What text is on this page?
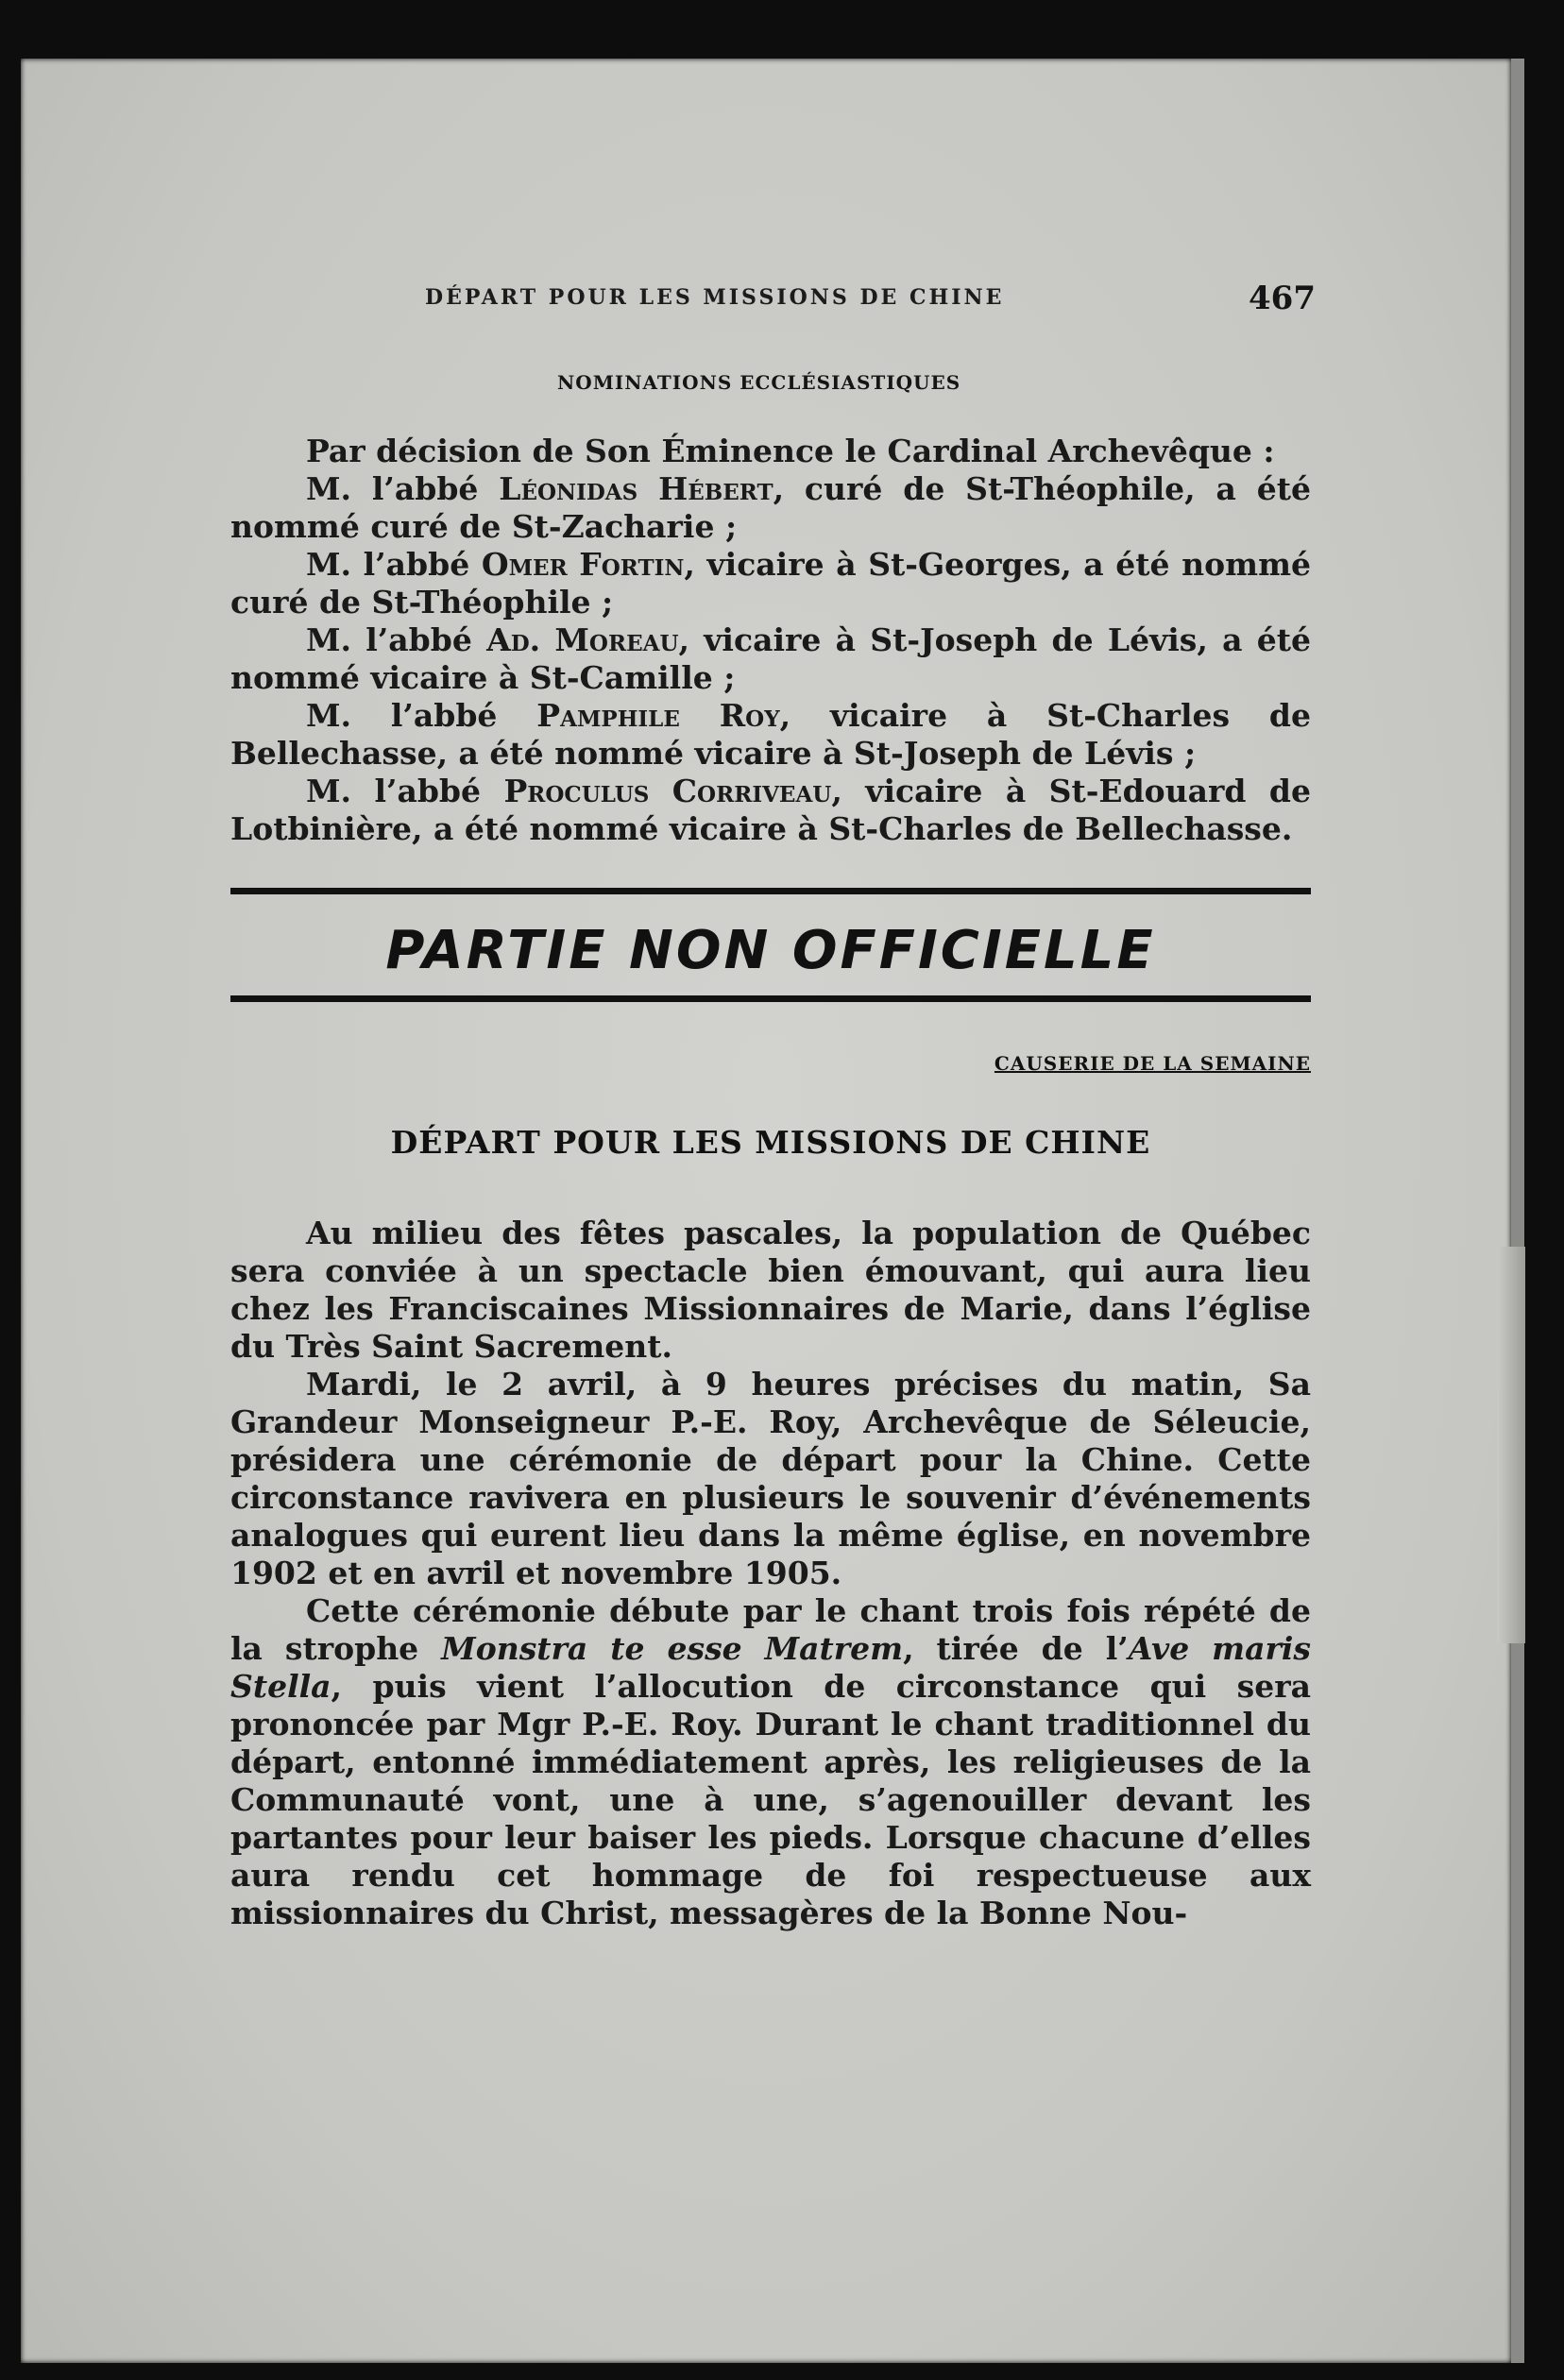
DÉPART POUR LES MISSIONS DE CHINE	467
NOMINATIONS ECCLÉSIASTIQUES

Par décision de Son Éminence le Cardinal Archevêque :

M. l’abbé Léonidas Hébert, curé de St-Théophile, a été nommé curé de St-Zacharie ;

M. l’abbé Omer Fortin, vicaire à St-Georges, a été nommé curé de St-Théophile ;

M. l’abbé Ad. Moreau, vicaire à St-Joseph de Lévis, a été nommé vicaire à St-Camille ;

M. l’abbé Pamphile Roy, vicaire à St-Charles de Bellechasse, a été nommé vicaire à St-Joseph de Lévis ;

M. l’abbé Proculus Corriveau, vicaire à St-Edouard de Lotbinière, a été nommé vicaire à St-Charles de Bellechasse.

PARTIE NON OFFICIELLE
CAUSERIE DE LA SEMAINE
DÉPART POUR LES MISSIONS DE CHINE

Au milieu des fêtes pascales, la population de Québec sera conviée à un spectacle bien émouvant, qui aura lieu chez les Franciscaines Missionnaires de Marie, dans l’église du Très Saint Sacrement.

Mardi, le 2 avril, à 9 heures précises du matin, Sa Grandeur Monseigneur P.-E. Roy, Archevêque de Séleucie, présidera une cérémonie de départ pour la Chine. Cette circonstance ravivera en plusieurs le souvenir d’événements analogues qui eurent lieu dans la même église, en novembre 1902 et en avril et novembre 1905.

Cette cérémonie débute par le chant trois fois répété de la strophe Monstra te esse Matrem, tirée de l’Ave maris Stella, puis vient l’allocution de circonstance qui sera prononcée par Mgr P.-E. Roy. Durant le chant traditionnel du départ, entonné immédiatement après, les religieuses de la Communauté vont, une à une, s’agenouiller devant les partantes pour leur baiser les pieds. Lorsque chacune d’elles aura rendu cet hommage de foi respectueuse aux missionnaires du Christ, messagères de la Bonne Nou-
